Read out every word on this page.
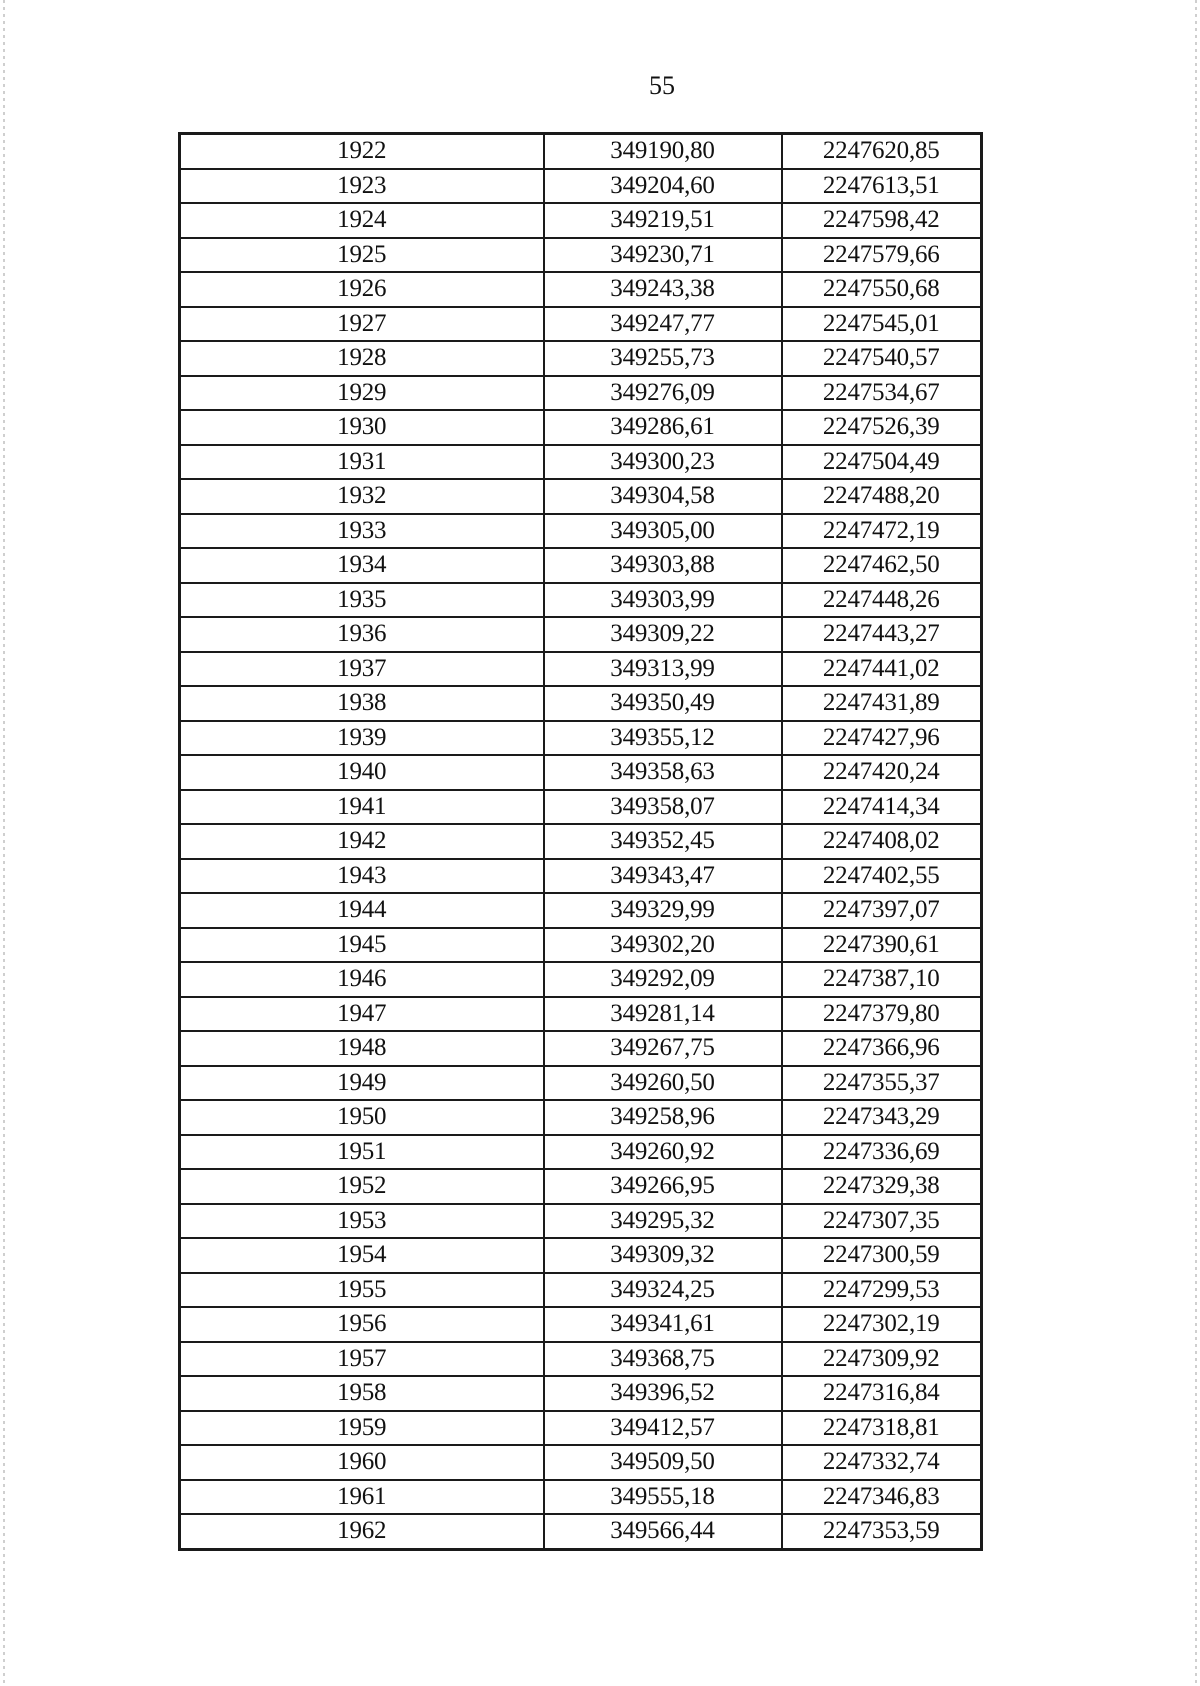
55
1922	349190,80	2247620,85
1923	349204,60	2247613,51
1924	349219,51	2247598,42
1925	349230,71	2247579,66
1926	349243,38	2247550,68
1927	349247,77	2247545,01
1928	349255,73	2247540,57
1929	349276,09	2247534,67
1930	349286,61	2247526,39
1931	349300,23	2247504,49
1932	349304,58	2247488,20
1933	349305,00	2247472,19
1934	349303,88	2247462,50
1935	349303,99	2247448,26
1936	349309,22	2247443,27
1937	349313,99	2247441,02
1938	349350,49	2247431,89
1939	349355,12	2247427,96
1940	349358,63	2247420,24
1941	349358,07	2247414,34
1942	349352,45	2247408,02
1943	349343,47	2247402,55
1944	349329,99	2247397,07
1945	349302,20	2247390,61
1946	349292,09	2247387,10
1947	349281,14	2247379,80
1948	349267,75	2247366,96
1949	349260,50	2247355,37
1950	349258,96	2247343,29
1951	349260,92	2247336,69
1952	349266,95	2247329,38
1953	349295,32	2247307,35
1954	349309,32	2247300,59
1955	349324,25	2247299,53
1956	349341,61	2247302,19
1957	349368,75	2247309,92
1958	349396,52	2247316,84
1959	349412,57	2247318,81
1960	349509,50	2247332,74
1961	349555,18	2247346,83
1962	349566,44	2247353,59
